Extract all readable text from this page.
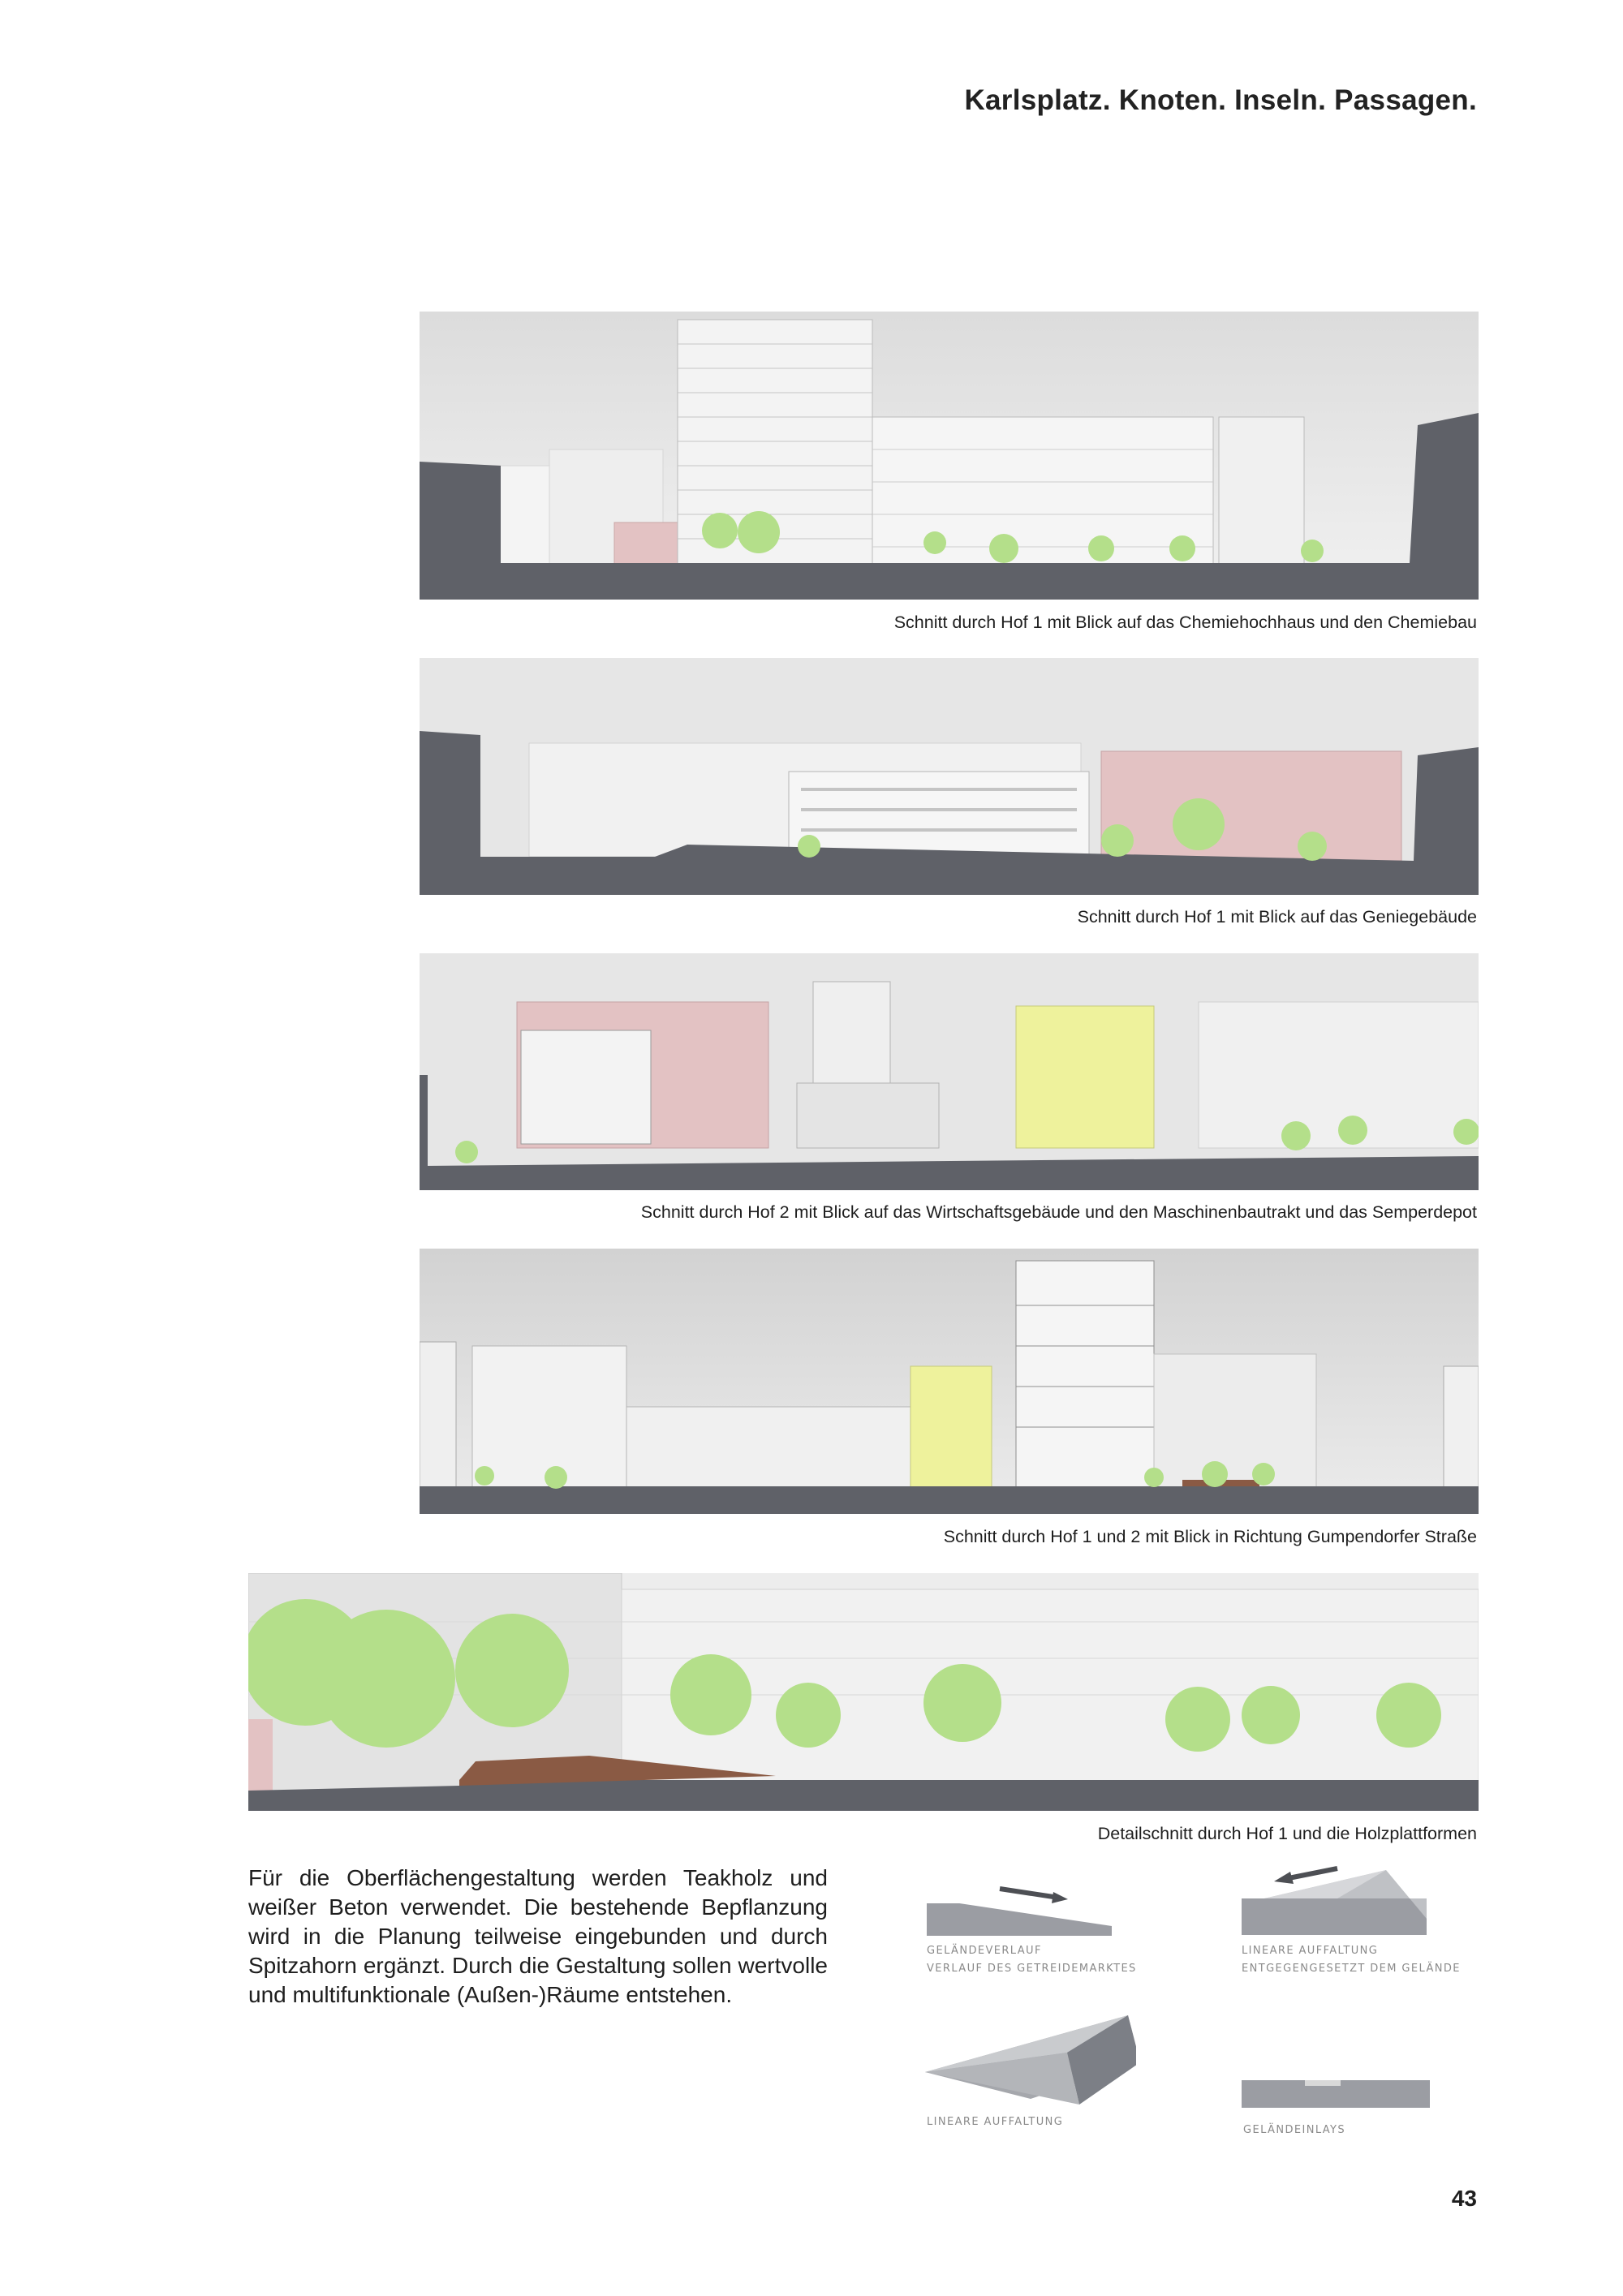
Karlsplatz. Knoten. Inseln. Passagen.
Schnitt durch Hof 1 mit Blick auf das Chemiehochhaus und den Chemiebau
Schnitt durch Hof 1 mit Blick auf das Geniegebäude
Schnitt durch Hof 2 mit Blick auf das Wirtschaftsgebäude und den Maschinenbautrakt und das Semperdepot
Schnitt durch Hof 1 und 2 mit Blick in Richtung Gumpendorfer Straße
Detailschnitt durch Hof 1 und die Holzplattformen
Für die Oberflächengestaltung werden Teakholz und weißer Beton verwendet. Die bestehende Bepflanzung wird in die Planung teilweise eingebunden und durch Spitzahorn ergänzt. Durch die Gestaltung sollen wertvolle und multifunktionale (Außen-)Räume entstehen.
GELÄNDEVERLAUF
VERLAUF DES GETREIDEMARKTES
LINEARE AUFFALTUNG
ENTGEGENGESETZT DEM GELÄNDE
LINEARE AUFFALTUNG
GELÄNDEINLAYS
43
